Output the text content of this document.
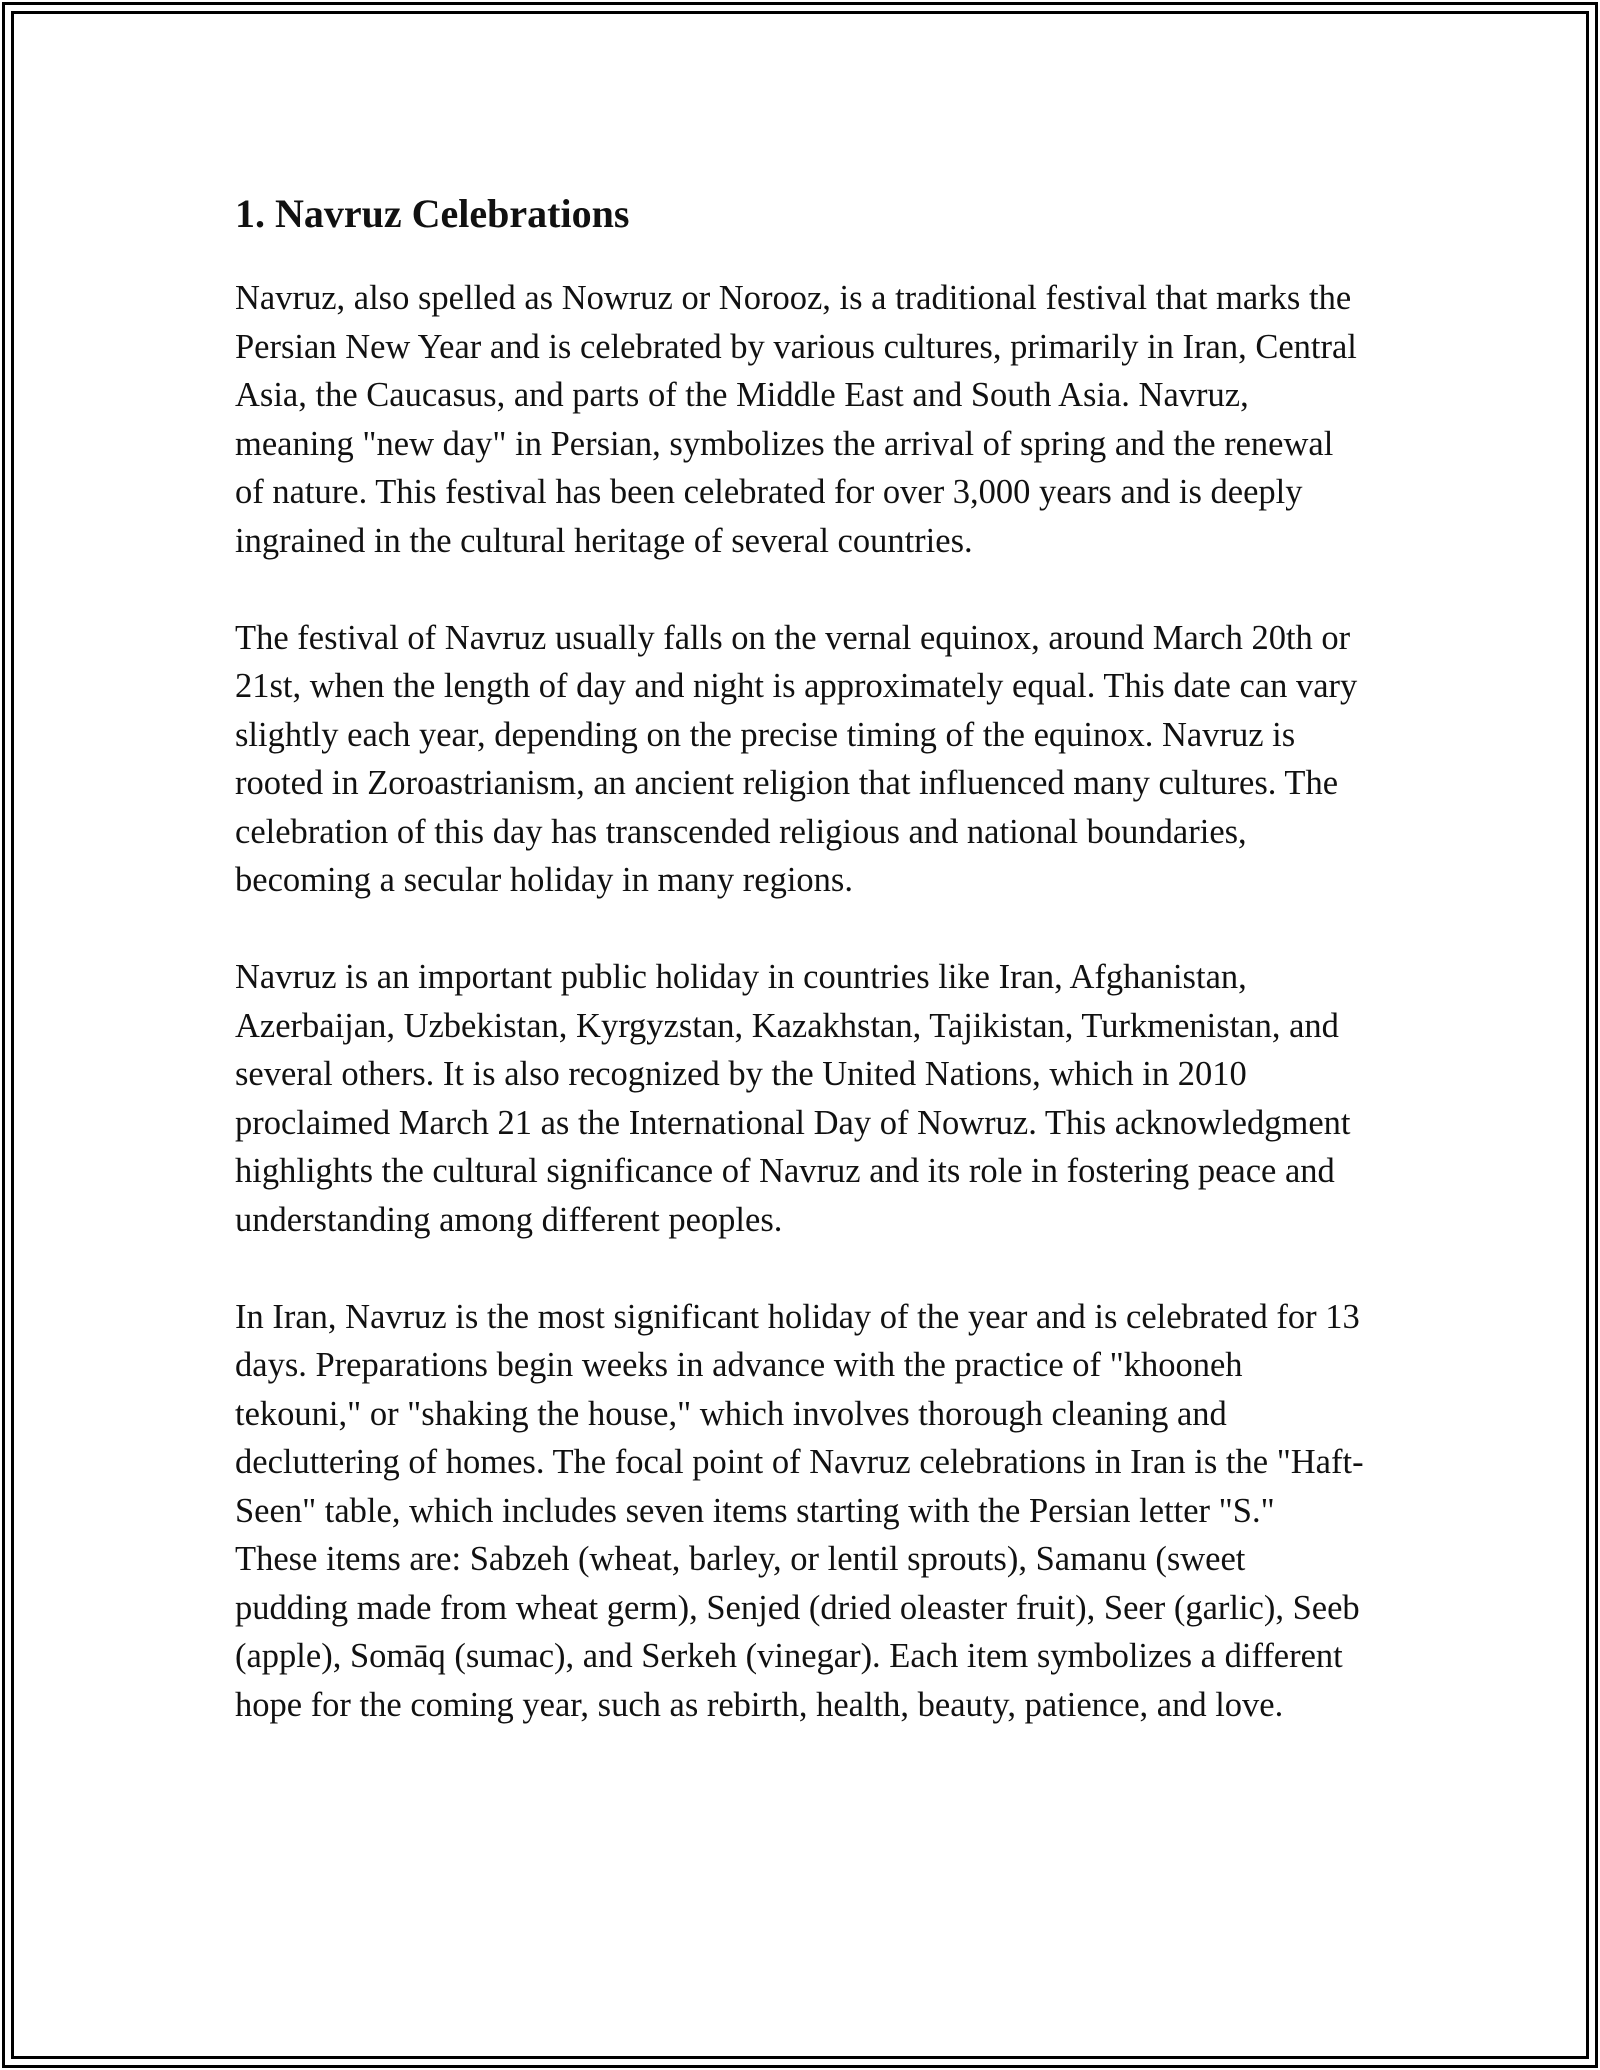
1. Navruz Celebrations

Navruz, also spelled as Nowruz or Norooz, is a traditional festival that marks the Persian New Year and is celebrated by various cultures, primarily in Iran, Central Asia, the Caucasus, and parts of the Middle East and South Asia. Navruz, meaning "new day" in Persian, symbolizes the arrival of spring and the renewal of nature. This festival has been celebrated for over 3,000 years and is deeply ingrained in the cultural heritage of several countries.

The festival of Navruz usually falls on the vernal equinox, around March 20th or 21st, when the length of day and night is approximately equal. This date can vary slightly each year, depending on the precise timing of the equinox. Navruz is rooted in Zoroastrianism, an ancient religion that influenced many cultures. The celebration of this day has transcended religious and national boundaries, becoming a secular holiday in many regions.

Navruz is an important public holiday in countries like Iran, Afghanistan, Azerbaijan, Uzbekistan, Kyrgyzstan, Kazakhstan, Tajikistan, Turkmenistan, and several others. It is also recognized by the United Nations, which in 2010 proclaimed March 21 as the International Day of Nowruz. This acknowledgment highlights the cultural significance of Navruz and its role in fostering peace and understanding among different peoples.

In Iran, Navruz is the most significant holiday of the year and is celebrated for 13 days. Preparations begin weeks in advance with the practice of "khooneh tekouni," or "shaking the house," which involves thorough cleaning and decluttering of homes. The focal point of Navruz celebrations in Iran is the "Haft-Seen" table, which includes seven items starting with the Persian letter "S." These items are: Sabzeh (wheat, barley, or lentil sprouts), Samanu (sweet pudding made from wheat germ), Senjed (dried oleaster fruit), Seer (garlic), Seeb (apple), Somāq (sumac), and Serkeh (vinegar). Each item symbolizes a different hope for the coming year, such as rebirth, health, beauty, patience, and love.
